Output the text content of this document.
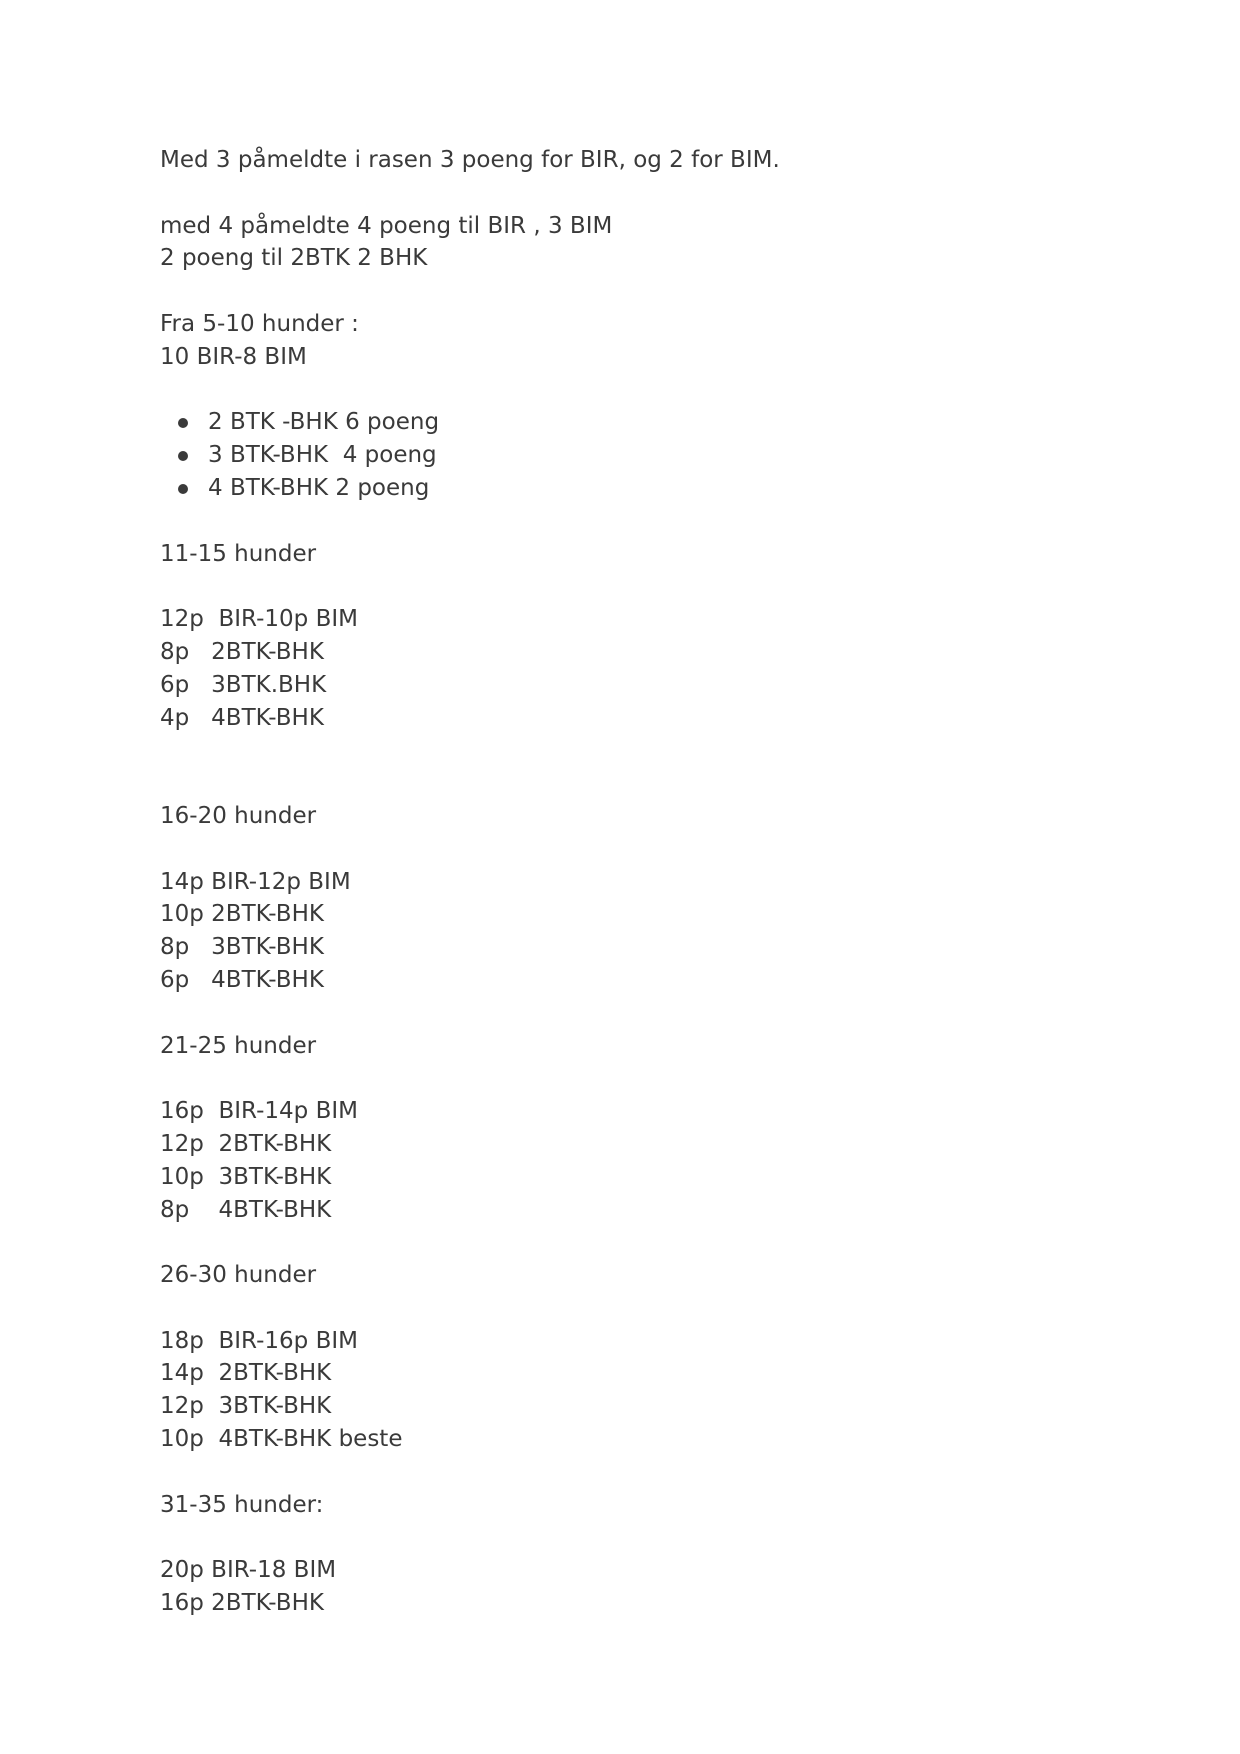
Med 3 påmeldte i rasen 3 poeng for BIR, og 2 for BIM.
med 4 påmeldte 4 poeng til BIR , 3 BIM
2 poeng til 2BTK 2 BHK
Fra 5-10 hunder :
10 BIR-8 BIM
2 BTK -BHK 6 poeng
3 BTK-BHK  4 poeng
4 BTK-BHK 2 poeng
11-15 hunder
12p  BIR-10p BIM
8p   2BTK-BHK
6p   3BTK.BHK
4p   4BTK-BHK
16-20 hunder
14p BIR-12p BIM
10p 2BTK-BHK
8p   3BTK-BHK
6p   4BTK-BHK
21-25 hunder
16p  BIR-14p BIM
12p  2BTK-BHK
10p  3BTK-BHK
8p    4BTK-BHK
26-30 hunder
18p  BIR-16p BIM
14p  2BTK-BHK
12p  3BTK-BHK
10p  4BTK-BHK beste
31-35 hunder:
20p BIR-18 BIM
16p 2BTK-BHK
